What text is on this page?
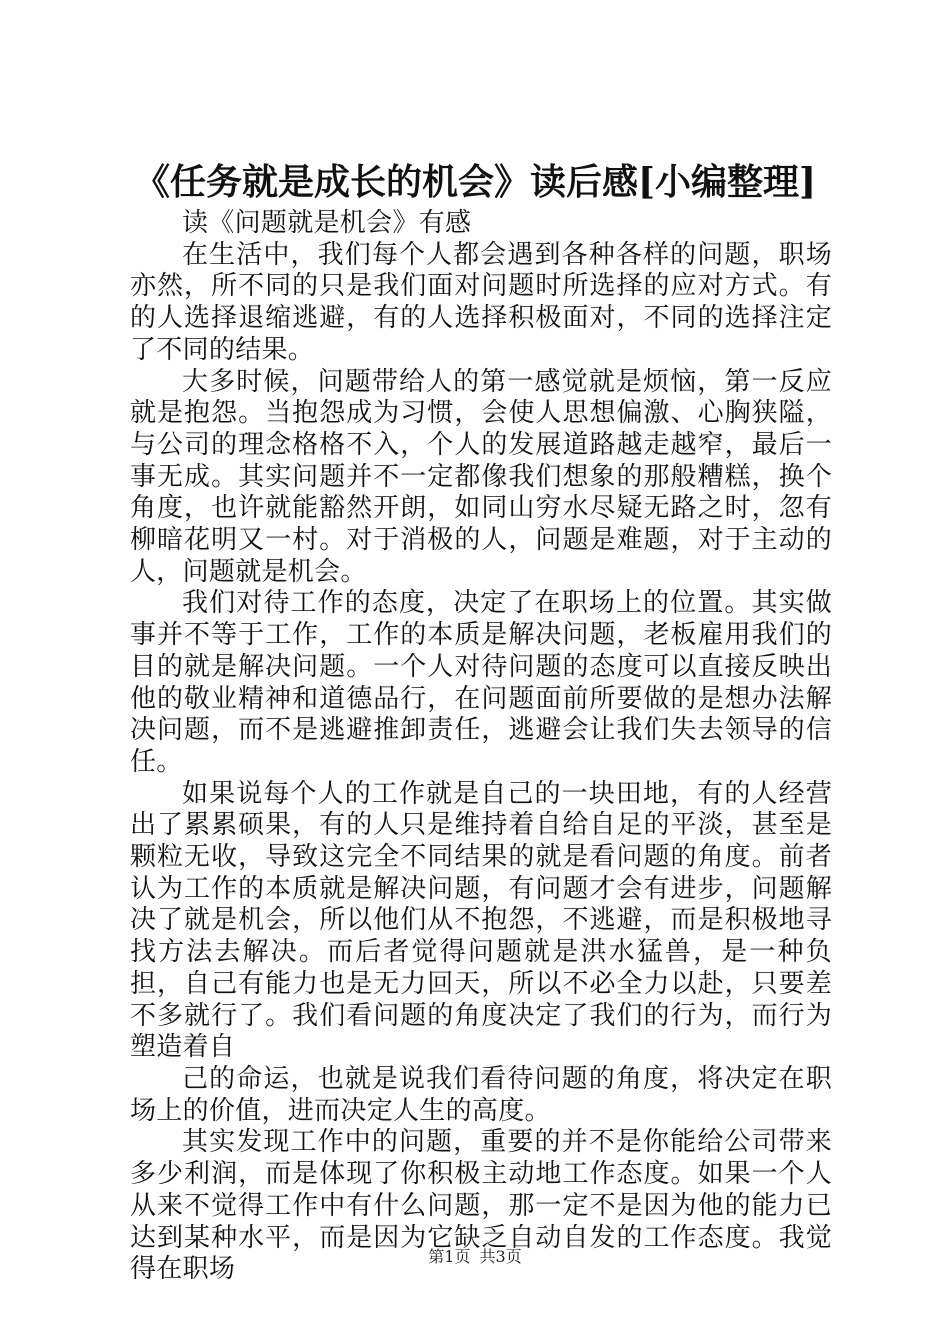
《任务就是成长的机会》读后感[小编整理]

读《问题就是机会》有感

在生活中，我们每个人都会遇到各种各样的问题，职场亦然，所不同的只是我们面对问题时所选择的应对方式。有的人选择退缩逃避，有的人选择积极面对，不同的选择注定了不同的结果。

大多时候，问题带给人的第一感觉就是烦恼，第一反应就是抱怨。当抱怨成为习惯，会使人思想偏激、心胸狭隘，与公司的理念格格不入，个人的发展道路越走越窄，最后一事无成。其实问题并不一定都像我们想象的那般糟糕，换个角度，也许就能豁然开朗，如同山穷水尽疑无路之时，忽有柳暗花明又一村。对于消极的人，问题是难题，对于主动的人，问题就是机会。

我们对待工作的态度，决定了在职场上的位置。其实做事并不等于工作，工作的本质是解决问题，老板雇用我们的目的就是解决问题。一个人对待问题的态度可以直接反映出他的敬业精神和道德品行，在问题面前所要做的是想办法解决问题，而不是逃避推卸责任，逃避会让我们失去领导的信任。

如果说每个人的工作就是自己的一块田地，有的人经营出了累累硕果，有的人只是维持着自给自足的平淡，甚至是颗粒无收，导致这完全不同结果的就是看问题的角度。前者认为工作的本质就是解决问题，有问题才会有进步，问题解决了就是机会，所以他们从不抱怨，不逃避，而是积极地寻找方法去解决。而后者觉得问题就是洪水猛兽，是一种负担，自己有能力也是无力回天，所以不必全力以赴，只要差不多就行了。我们看问题的角度决定了我们的行为，而行为塑造着自

己的命运，也就是说我们看待问题的角度，将决定在职场上的价值，进而决定人生的高度。

其实发现工作中的问题，重要的并不是你能给公司带来多少利润，而是体现了你积极主动地工作态度。如果一个人从来不觉得工作中有什么问题，那一定不是因为他的能力已达到某种水平，而是因为它缺乏自动自发的工作态度。我觉得在职场	第1页 共3页
